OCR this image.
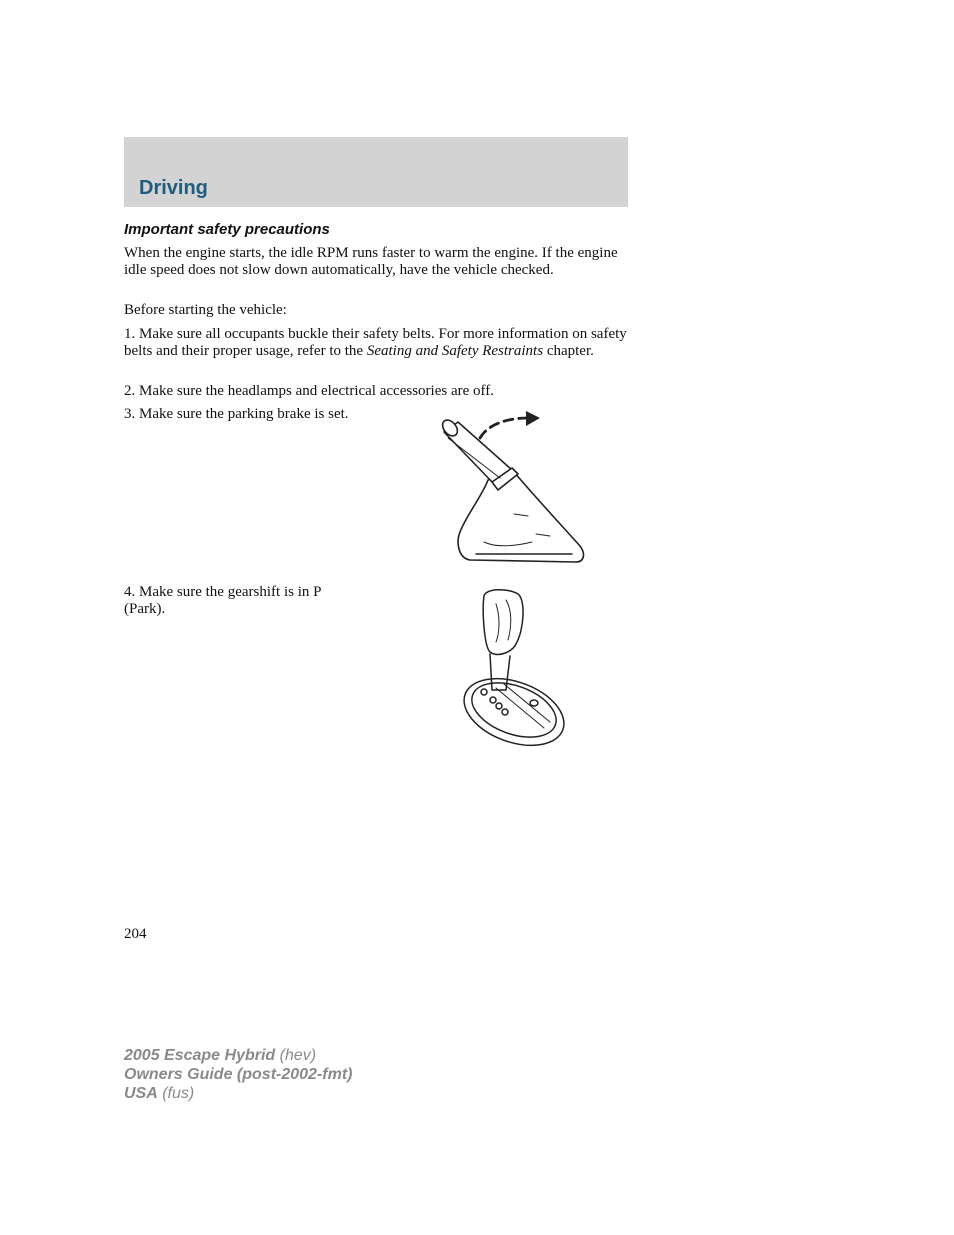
Driving
Important safety precautions

When the engine starts, the idle RPM runs faster to warm the engine. If the engine idle speed does not slow down automatically, have the vehicle checked.

Before starting the vehicle:

1. Make sure all occupants buckle their safety belts. For more information on safety belts and their proper usage, refer to the Seating and Safety Restraints chapter.

2. Make sure the headlamps and electrical accessories are off.

3. Make sure the parking brake is set.

4. Make sure the gearshift is in P (Park).

204
2005 Escape Hybrid (hev)
Owners Guide (post-2002-fmt)
USA (fus)
